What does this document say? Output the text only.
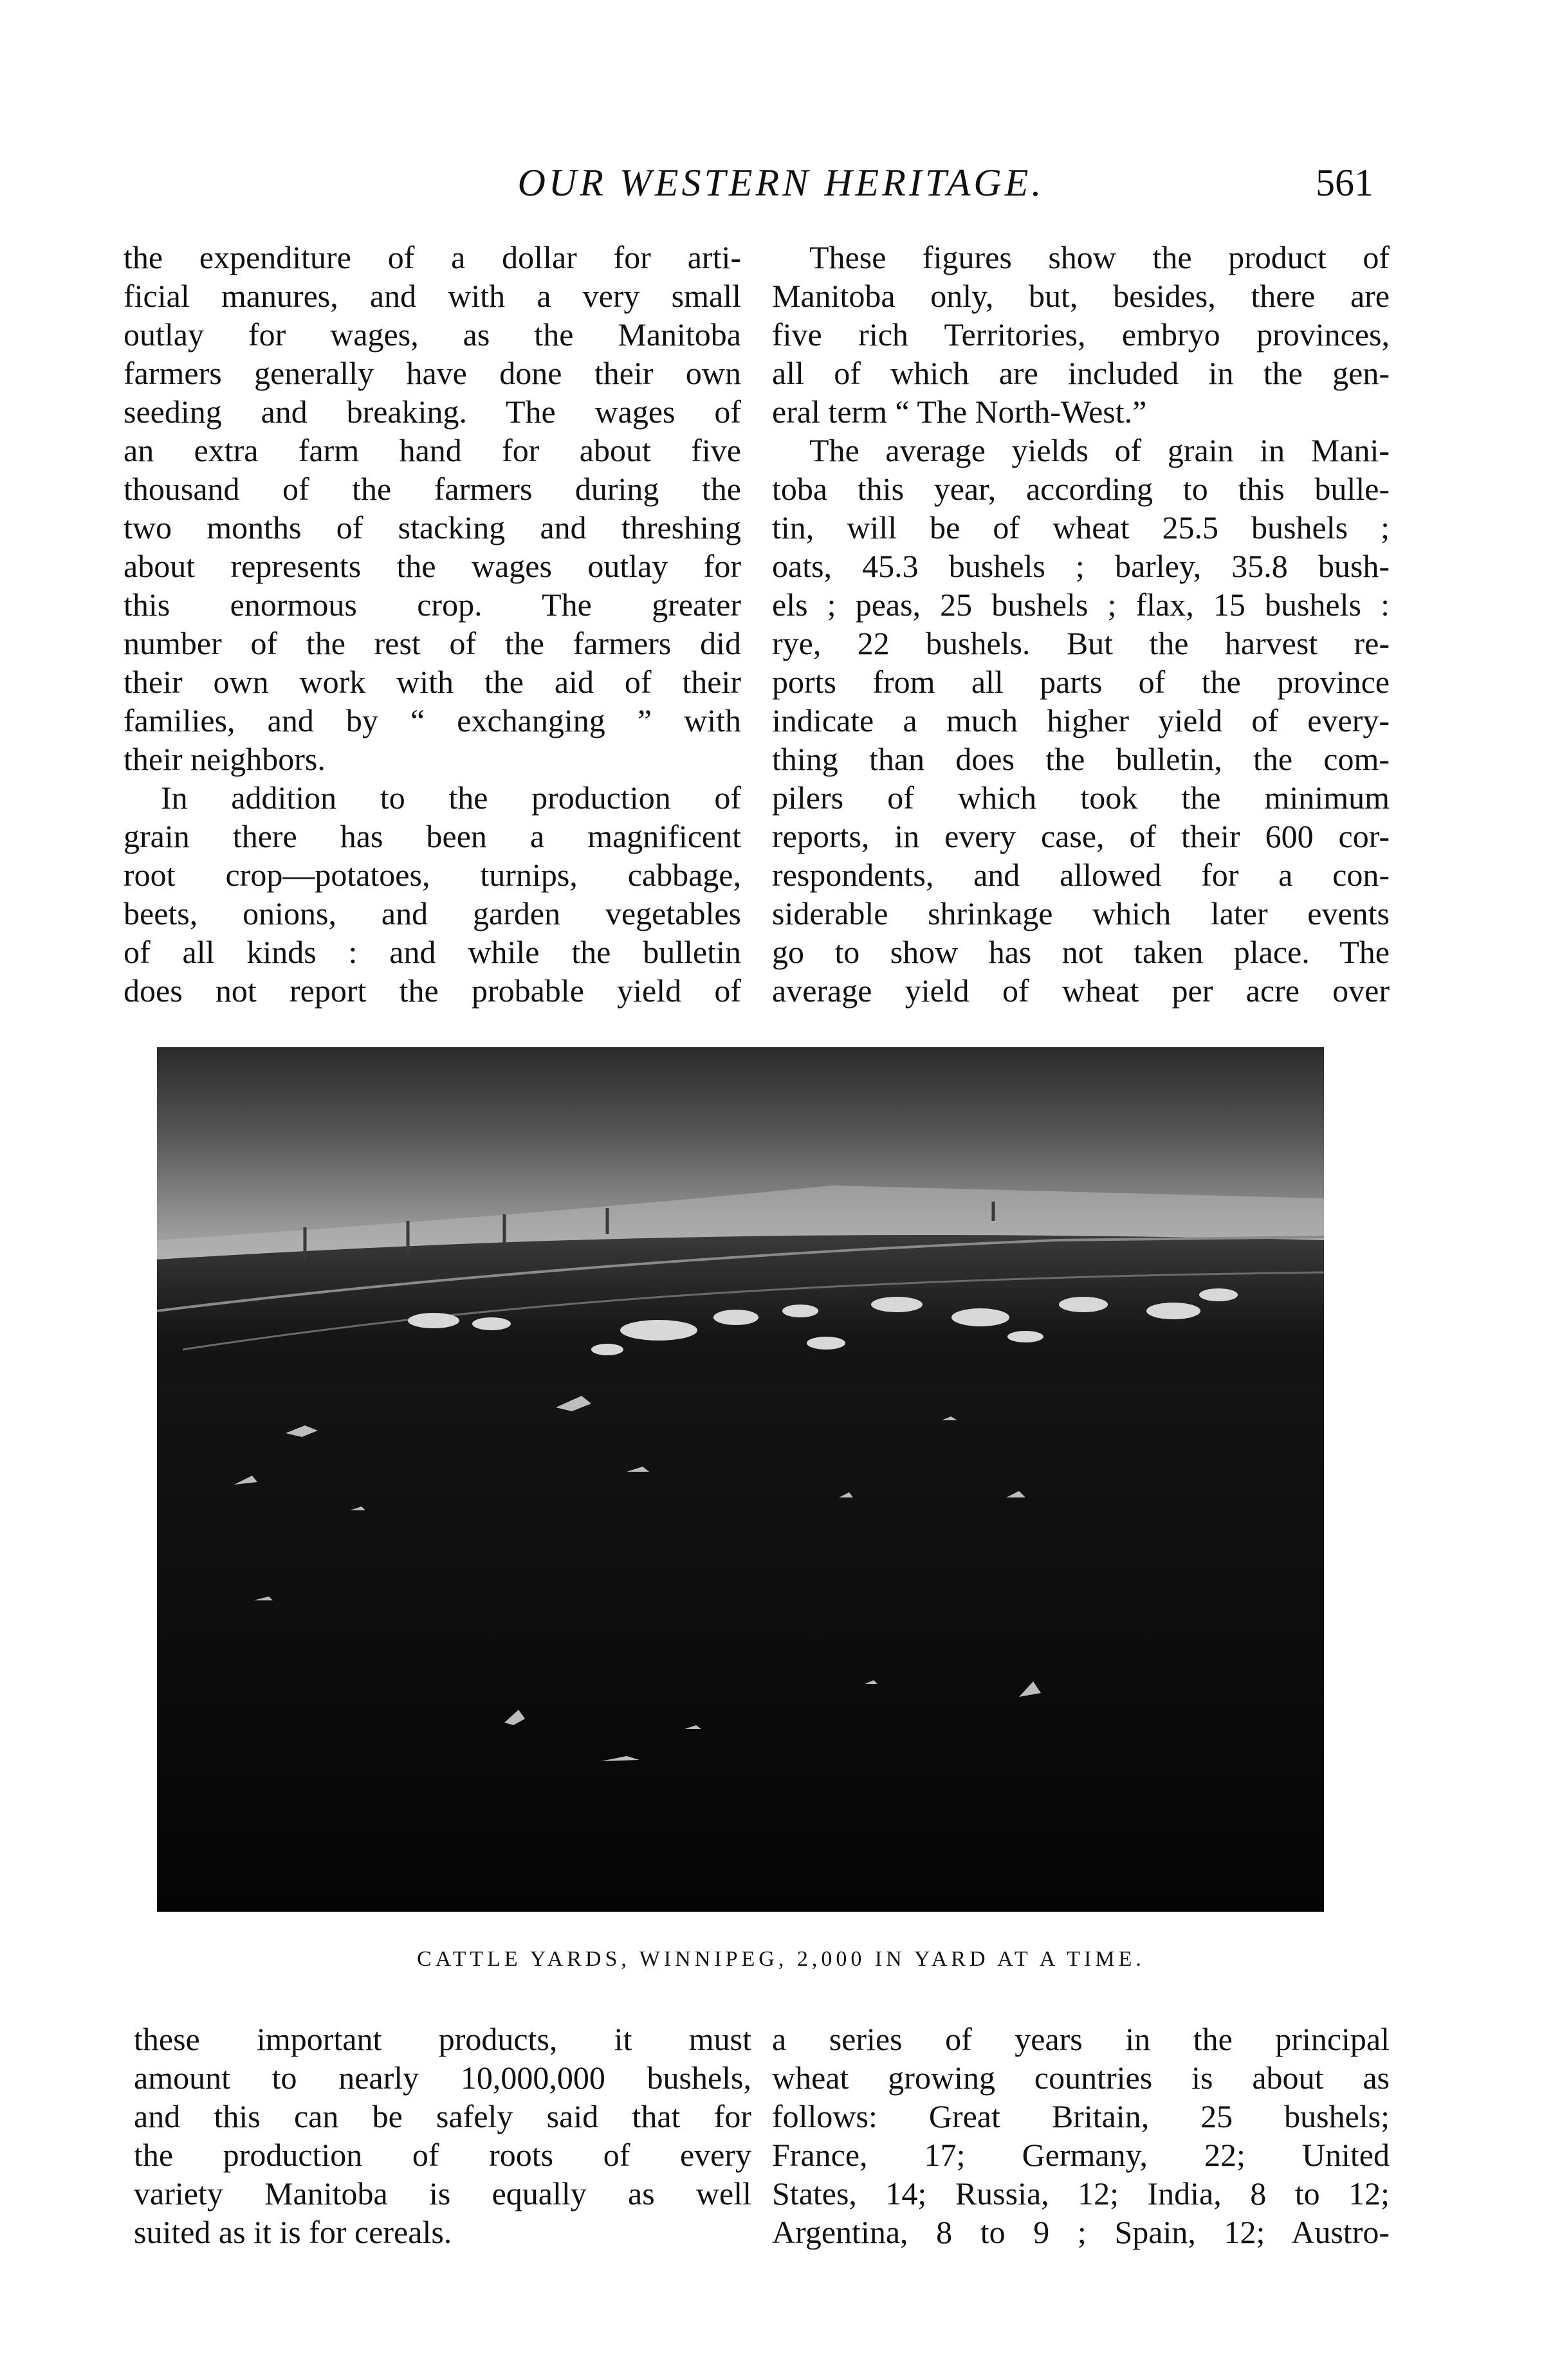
OUR WESTERN HERITAGE.	561
the expenditure of a dollar for arti-
ficial manures, and with a very small
outlay for wages, as the Manitoba
farmers generally have done their own
seeding and breaking. The wages of
an extra farm hand for about five
thousand of the farmers during the
two months of stacking and threshing
about represents the wages outlay for
this enormous crop. The greater
number of the rest of the farmers did
their own work with the aid of their
families, and by “ exchanging ” with
their neighbors.
In addition to the production of
grain there has been a magnificent
root crop—potatoes, turnips, cabbage,
beets, onions, and garden vegetables
of all kinds : and while the bulletin
does not report the probable yield of
These figures show the product of
Manitoba only, but, besides, there are
five rich Territories, embryo provinces,
all of which are included in the gen-
eral term “ The North-West.”
The average yields of grain in Mani-
toba this year, according to this bulle-
tin, will be of wheat 25.5 bushels ;
oats, 45.3 bushels ; barley, 35.8 bush-
els ; peas, 25 bushels ; flax, 15 bushels :
rye, 22 bushels. But the harvest re-
ports from all parts of the province
indicate a much higher yield of every-
thing than does the bulletin, the com-
pilers of which took the minimum
reports, in every case, of their 600 cor-
respondents, and allowed for a con-
siderable shrinkage which later events
go to show has not taken place. The
average yield of wheat per acre over
CATTLE YARDS, WINNIPEG, 2,000 IN YARD AT A TIME.
these important products, it must
amount to nearly 10,000,000 bushels,
and this can be safely said that for
the production of roots of every
variety Manitoba is equally as well
suited as it is for cereals.
a series of years in the principal
wheat growing countries is about as
follows: Great Britain, 25 bushels;
France, 17; Germany, 22; United
States, 14; Russia, 12; India, 8 to 12;
Argentina, 8 to 9 ; Spain, 12; Austro-
